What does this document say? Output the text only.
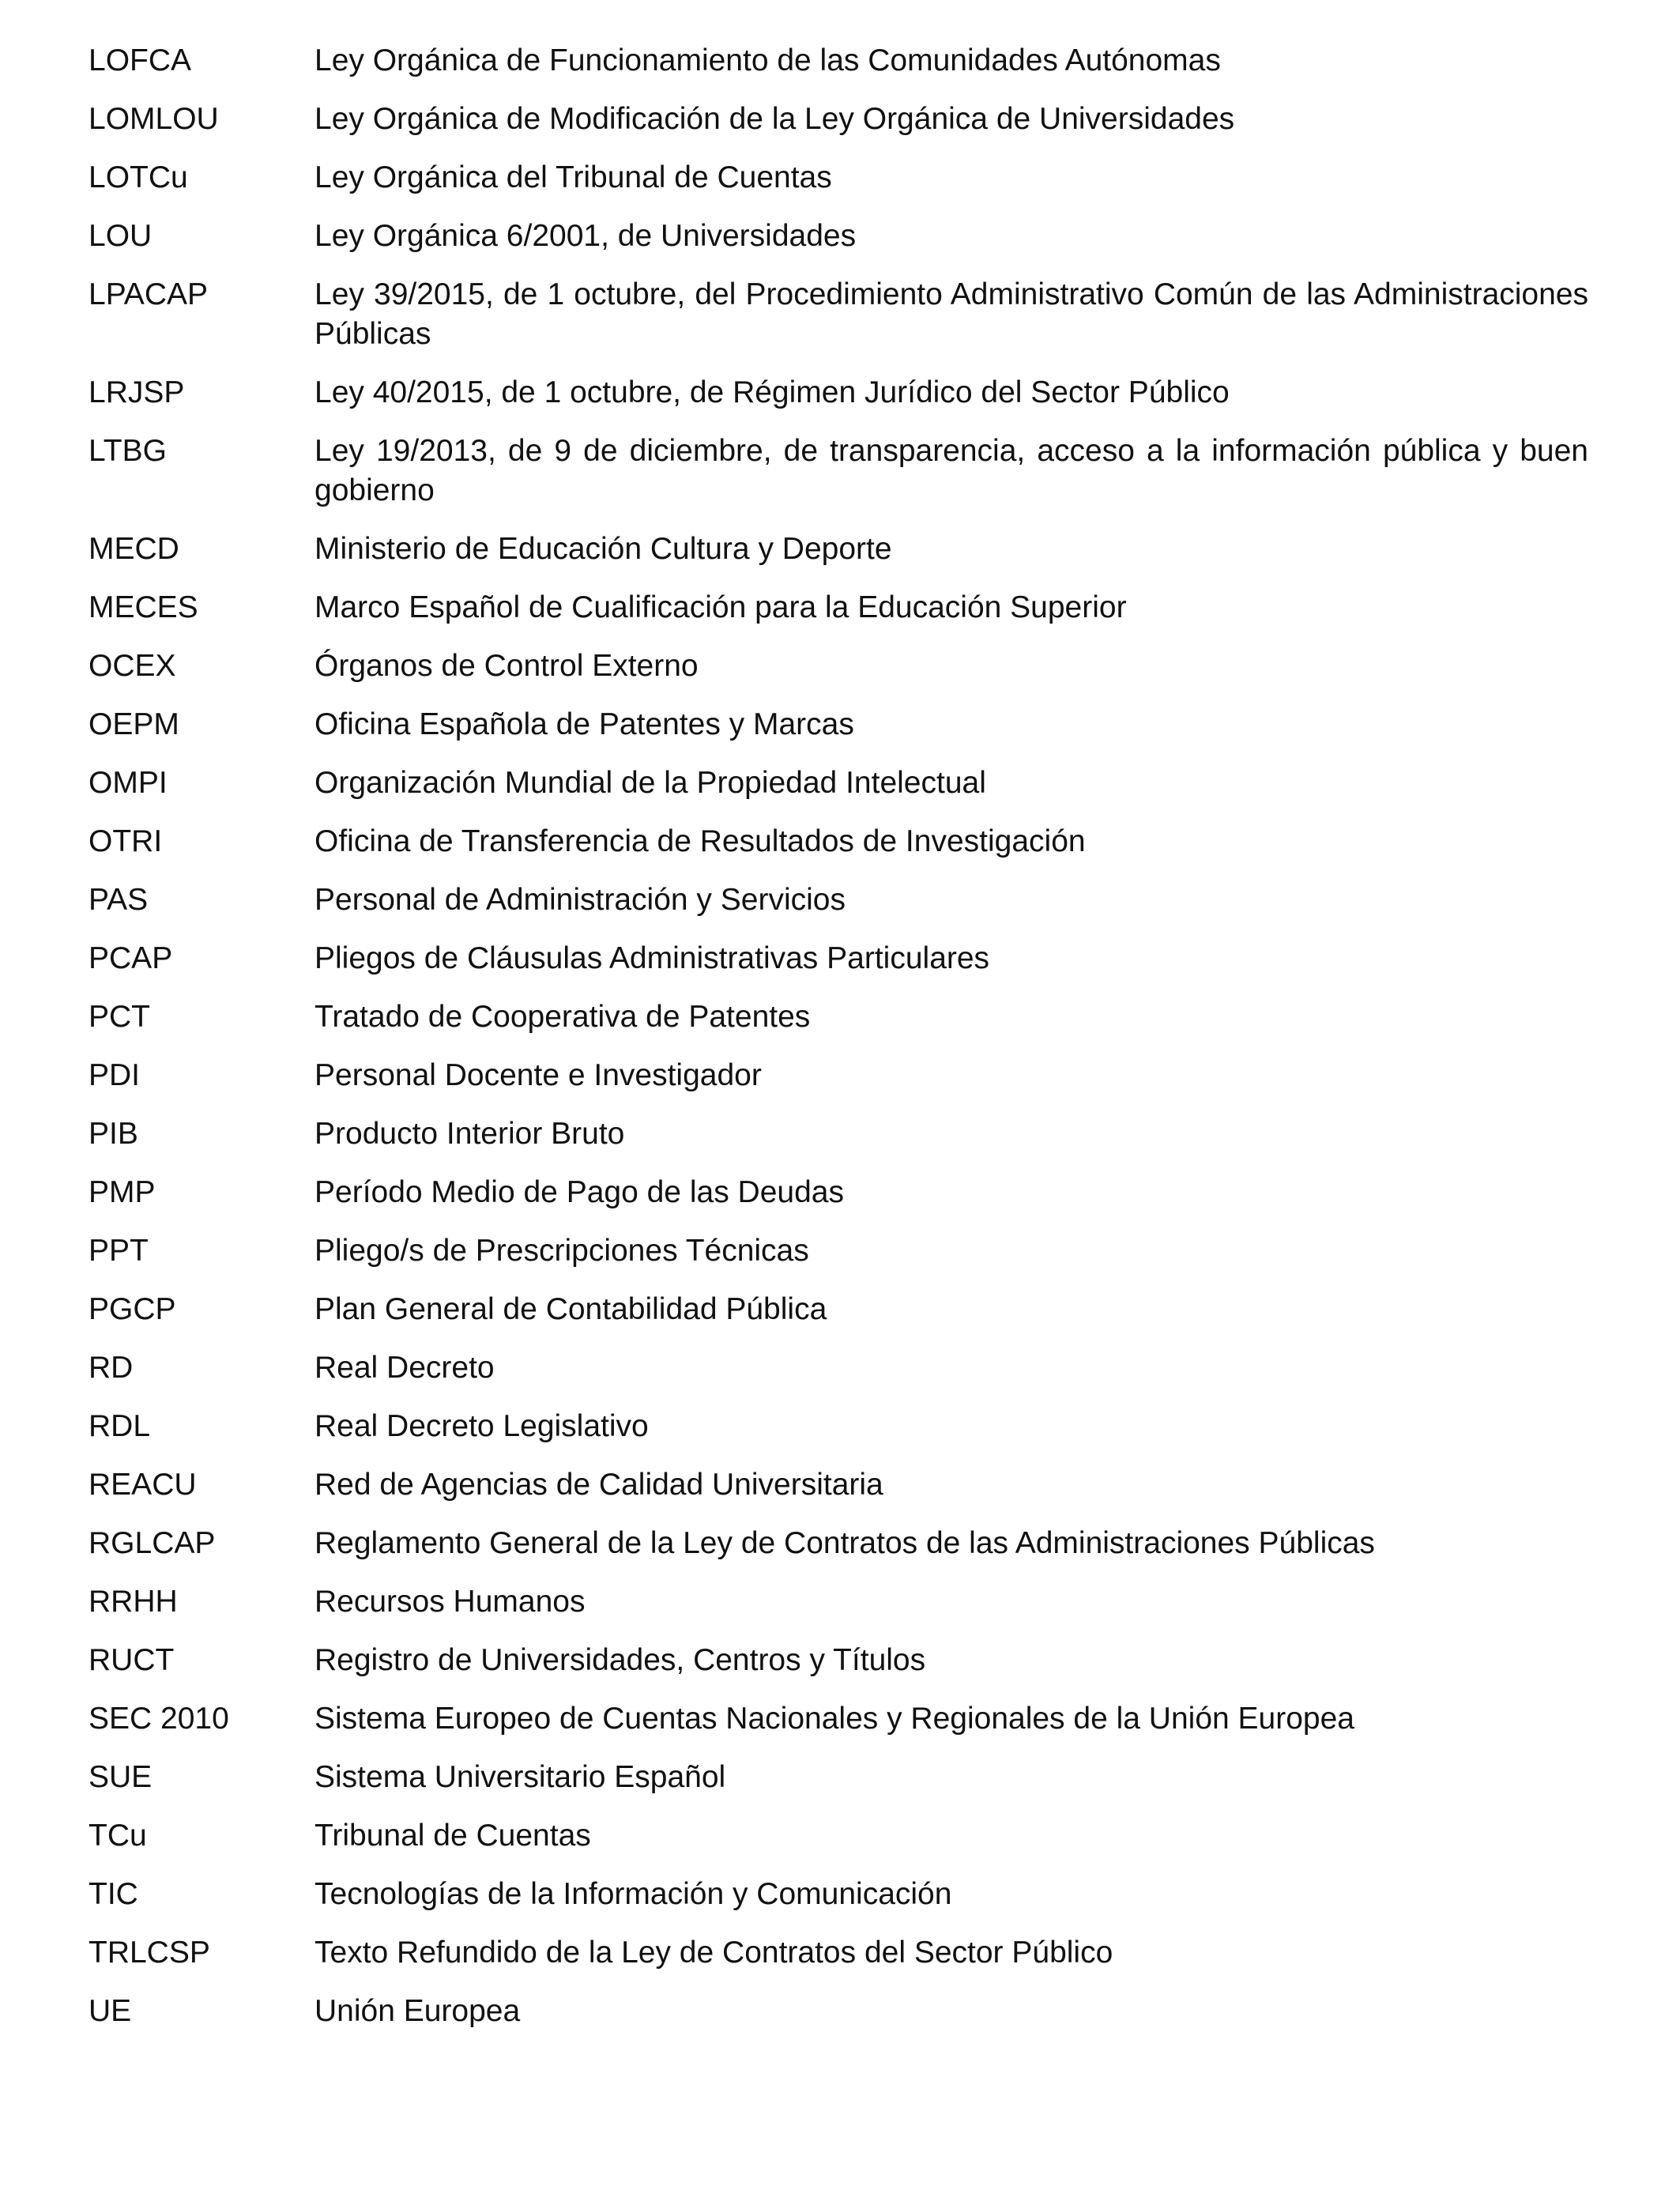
LOFCA	Ley Orgánica de Funcionamiento de las Comunidades Autónomas
LOMLOU	Ley Orgánica de Modificación de la Ley Orgánica de Universidades
LOTCu	Ley Orgánica del Tribunal de Cuentas
LOU	Ley Orgánica 6/2001, de Universidades
LPACAP	Ley 39/2015, de 1 octubre, del Procedimiento Administrativo Común de las Administraciones Públicas
LRJSP	Ley 40/2015, de 1 octubre, de Régimen Jurídico del Sector Público
LTBG	Ley 19/2013, de 9 de diciembre, de transparencia, acceso a la información pública y buen gobierno
MECD	Ministerio de Educación Cultura y Deporte
MECES	Marco Español de Cualificación para la Educación Superior
OCEX	Órganos de Control Externo
OEPM	Oficina Española de Patentes y Marcas
OMPI	Organización Mundial de la Propiedad Intelectual
OTRI	Oficina de Transferencia de Resultados de Investigación
PAS	Personal de Administración y Servicios
PCAP	Pliegos de Cláusulas Administrativas Particulares
PCT	Tratado de Cooperativa de Patentes
PDI	Personal Docente e Investigador
PIB	Producto Interior Bruto
PMP	Período Medio de Pago de las Deudas
PPT	Pliego/s de Prescripciones Técnicas
PGCP	Plan General de Contabilidad Pública
RD	Real Decreto
RDL	Real Decreto Legislativo
REACU	Red de Agencias de Calidad Universitaria
RGLCAP	Reglamento General de la Ley de Contratos de las Administraciones Públicas
RRHH	Recursos Humanos
RUCT	Registro de Universidades, Centros y Títulos
SEC 2010	Sistema Europeo de Cuentas Nacionales y Regionales de la Unión Europea
SUE	Sistema Universitario Español
TCu	Tribunal de Cuentas
TIC	Tecnologías de la Información y Comunicación
TRLCSP	Texto Refundido de la Ley de Contratos del Sector Público
UE	Unión Europea
